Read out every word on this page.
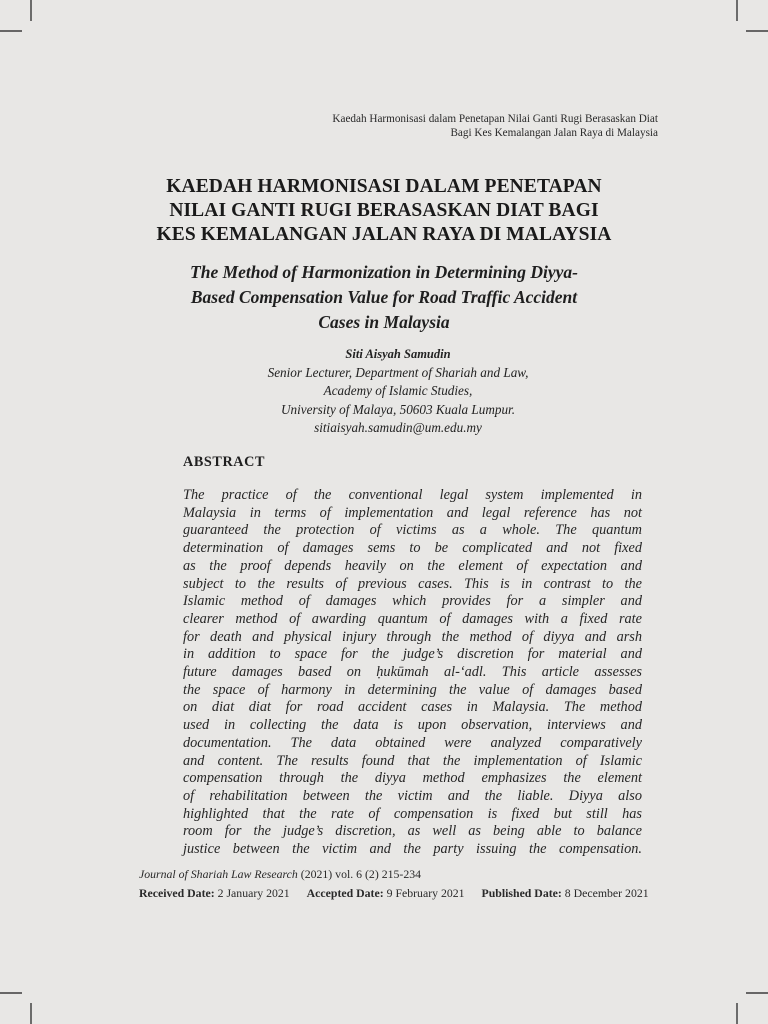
Kaedah Harmonisasi dalam Penetapan Nilai Ganti Rugi Berasaskan Diat
Bagi Kes Kemalangan Jalan Raya di Malaysia
KAEDAH HARMONISASI DALAM PENETAPAN
NILAI GANTI RUGI BERASASKAN DIAT BAGI
KES KEMALANGAN JALAN RAYA DI MALAYSIA
The Method of Harmonization in Determining Diyya-
Based Compensation Value for Road Traffic Accident
Cases in Malaysia
Siti Aisyah Samudin
Senior Lecturer, Department of Shariah and Law,
Academy of Islamic Studies,
University of Malaya, 50603 Kuala Lumpur.
sitiaisyah.samudin@um.edu.my
ABSTRACT
The practice of the conventional legal system implemented in
Malaysia in terms of implementation and legal reference has not
guaranteed the protection of victims as a whole. The quantum
determination of damages sems to be complicated and not fixed
as the proof depends heavily on the element of expectation and
subject to the results of previous cases. This is in contrast to the
Islamic method of damages which provides for a simpler and
clearer method of awarding quantum of damages with a fixed rate
for death and physical injury through the method of diyya and arsh
in addition to space for the judge’s discretion for material and
future damages based on ḥukūmah al-‘adl. This article assesses
the space of harmony in determining the value of damages based
on diat diat for road accident cases in Malaysia. The method
used in collecting the data is upon observation, interviews and
documentation. The data obtained were analyzed comparatively
and content. The results found that the implementation of Islamic
compensation through the diyya method emphasizes the element
of rehabilitation between the victim and the liable. Diyya also
highlighted that the rate of compensation is fixed but still has
room for the judge’s discretion, as well as being able to balance
justice between the victim and the party issuing the compensation.
Journal of Shariah Law Research (2021) vol. 6 (2) 215-234
Received Date: 2 January 2021 Accepted Date: 9 February 2021 Published Date: 8 December 2021
